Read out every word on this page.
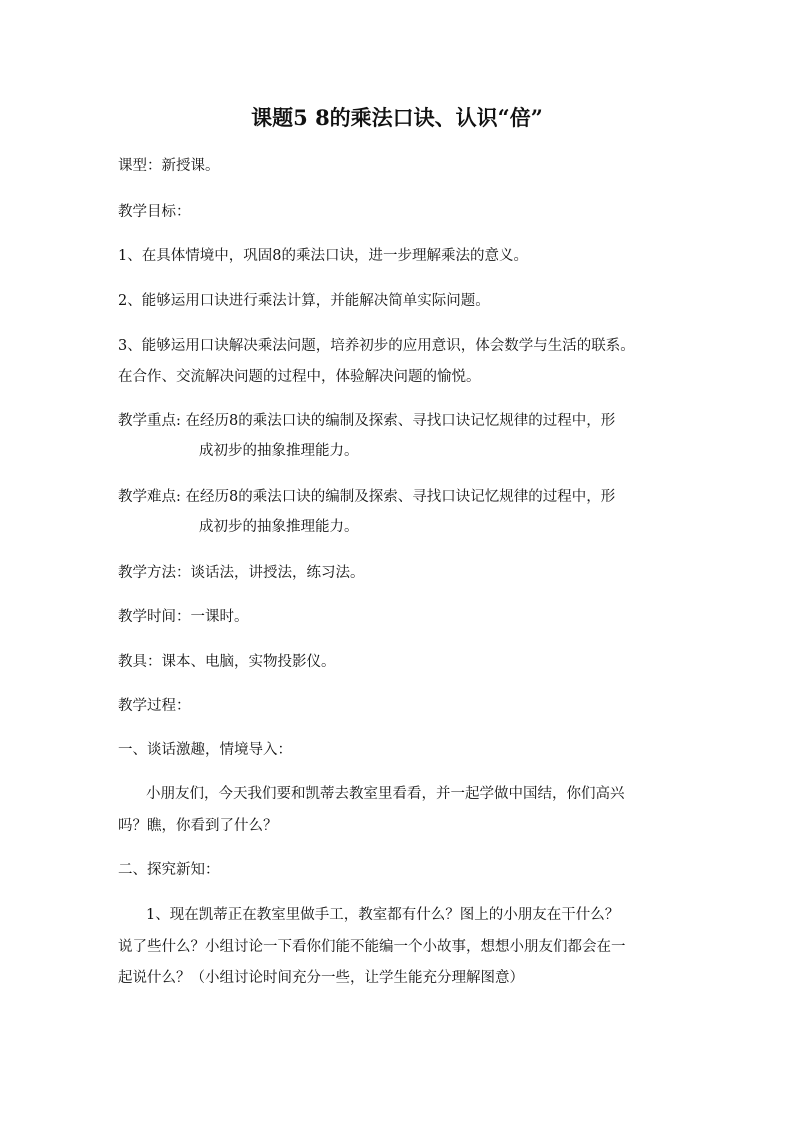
课题5 8的乘法口诀、认识“倍”
课型：新授课。
教学目标：
1、在具体情境中，巩固8的乘法口诀，进一步理解乘法的意义。
2、能够运用口诀进行乘法计算，并能解决简单实际问题。
3、能够运用口诀解决乘法问题，培养初步的应用意识，体会数学与生活的联系。
在合作、交流解决问题的过程中，体验解决问题的愉悦。
教学重点: 在经历8的乘法口诀的编制及探索、寻找口诀记忆规律的过程中，形
成初步的抽象推理能力。
教学难点: 在经历8的乘法口诀的编制及探索、寻找口诀记忆规律的过程中，形
成初步的抽象推理能力。
教学方法：谈话法，讲授法，练习法。
教学时间：一课时。
教具：课本、电脑，实物投影仪。
教学过程：
一、谈话激趣，情境导入：
小朋友们，今天我们要和凯蒂去教室里看看，并一起学做中国结，你们高兴
吗？瞧，你看到了什么？
二、探究新知：
1、现在凯蒂正在教室里做手工，教室都有什么？图上的小朋友在干什么？
说了些什么？小组讨论一下看你们能不能编一个小故事，想想小朋友们都会在一
起说什么？（小组讨论时间充分一些，让学生能充分理解图意）
